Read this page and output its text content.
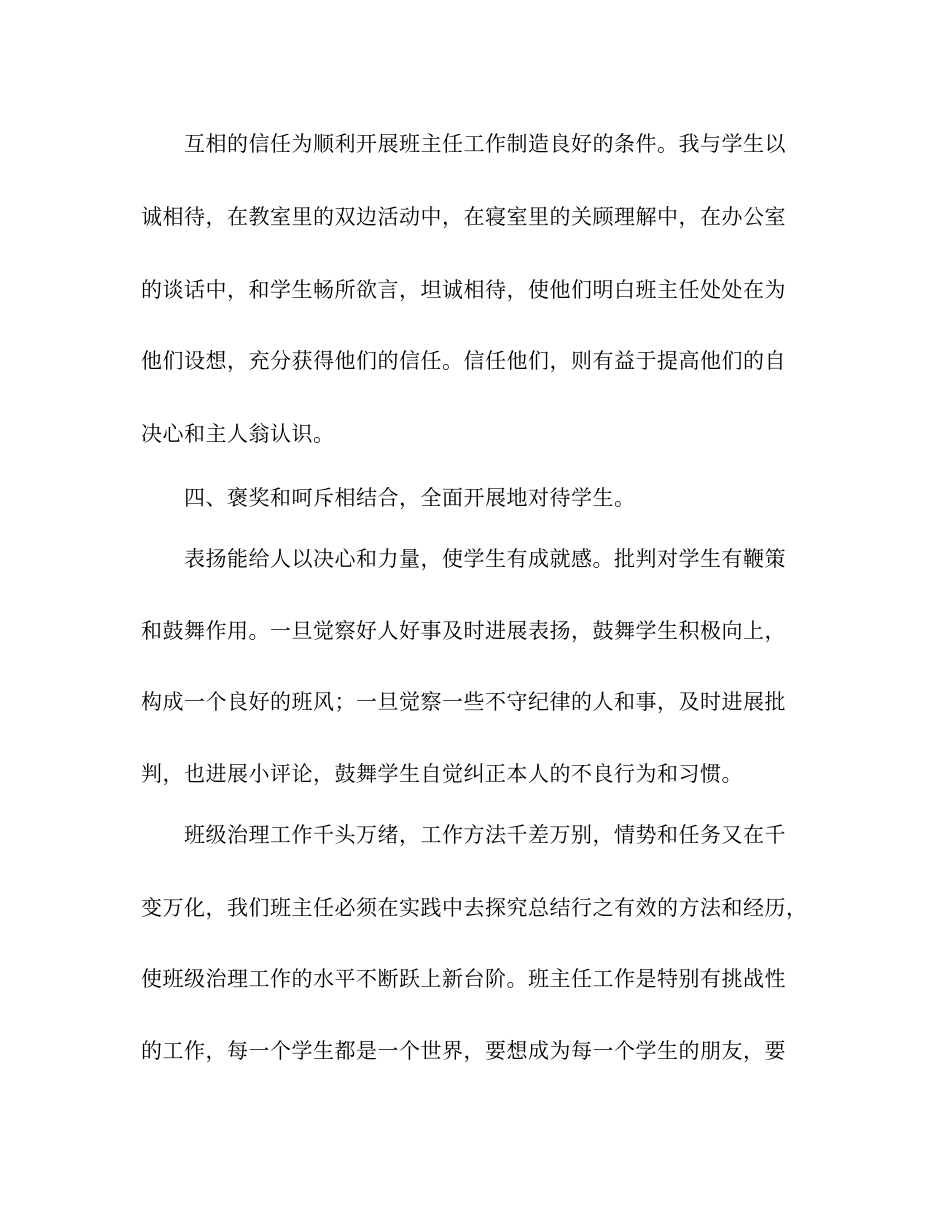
互相的信任为顺利开展班主任工作制造良好的条件。我与学生以
诚相待，在教室里的双边活动中，在寝室里的关顾理解中，在办公室
的谈话中，和学生畅所欲言，坦诚相待，使他们明白班主任处处在为
他们设想，充分获得他们的信任。信任他们，则有益于提高他们的自
决心和主人翁认识。
四、褒奖和呵斥相结合，全面开展地对待学生。
表扬能给人以决心和力量，使学生有成就感。批判对学生有鞭策
和鼓舞作用。一旦觉察好人好事及时进展表扬，鼓舞学生积极向上，
构成一个良好的班风；一旦觉察一些不守纪律的人和事，及时进展批
判，也进展小评论，鼓舞学生自觉纠正本人的不良行为和习惯。
班级治理工作千头万绪，工作方法千差万别，情势和任务又在千
变万化，我们班主任必须在实践中去探究总结行之有效的方法和经历，
使班级治理工作的水平不断跃上新台阶。班主任工作是特别有挑战性
的工作，每一个学生都是一个世界，要想成为每一个学生的朋友，要
